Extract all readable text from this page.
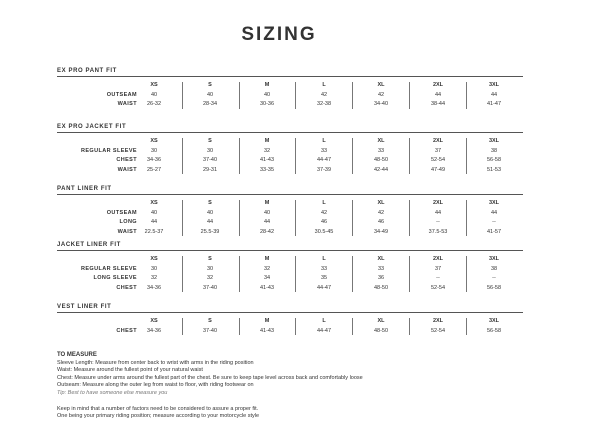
SIZING
EX PRO PANT FIT
XS	S	M	L	XL	2XL	3XL
OUTSEAM	40	40	40	42	42	44	44
WAIST	26-32	28-34	30-36	32-38	34-40	38-44	41-47
EX PRO JACKET FIT
XS	S	M	L	XL	2XL	3XL
REGULAR SLEEVE	30	30	32	33	33	37	38
CHEST	34-36	37-40	41-43	44-47	48-50	52-54	56-58
WAIST	25-27	29-31	33-35	37-39	42-44	47-49	51-53
PANT LINER FIT
XS	S	M	L	XL	2XL	3XL
OUTSEAM	40	40	40	42	42	44	44
LONG	44	44	44	46	46	--	--
WAIST	22.5-37	25.5-39	28-42	30.5-45	34-49	37.5-53	41-57
JACKET LINER FIT
XS	S	M	L	XL	2XL	3XL
REGULAR SLEEVE	30	30	32	33	33	37	38
LONG SLEEVE	32	32	34	35	36	--	--
CHEST	34-36	37-40	41-43	44-47	48-50	52-54	56-58
VEST LINER FIT
XS	S	M	L	XL	2XL	3XL
CHEST	34-36	37-40	41-43	44-47	48-50	52-54	56-58
TO MEASURE
Sleeve Length: Measure from center back to wrist with arms in the riding position
Waist: Measure around the fullest point of your natural waist
Chest: Measure under arms around the fullest part of the chest. Be sure to keep tape level across back and comfortably loose
Outseam: Measure along the outer leg from waist to floor, with riding footwear on
Tip: Best to have someone else measure you
Keep in mind that a number of factors need to be considered to assure a proper fit.
One being your primary riding position; measure according to your motorcycle style
